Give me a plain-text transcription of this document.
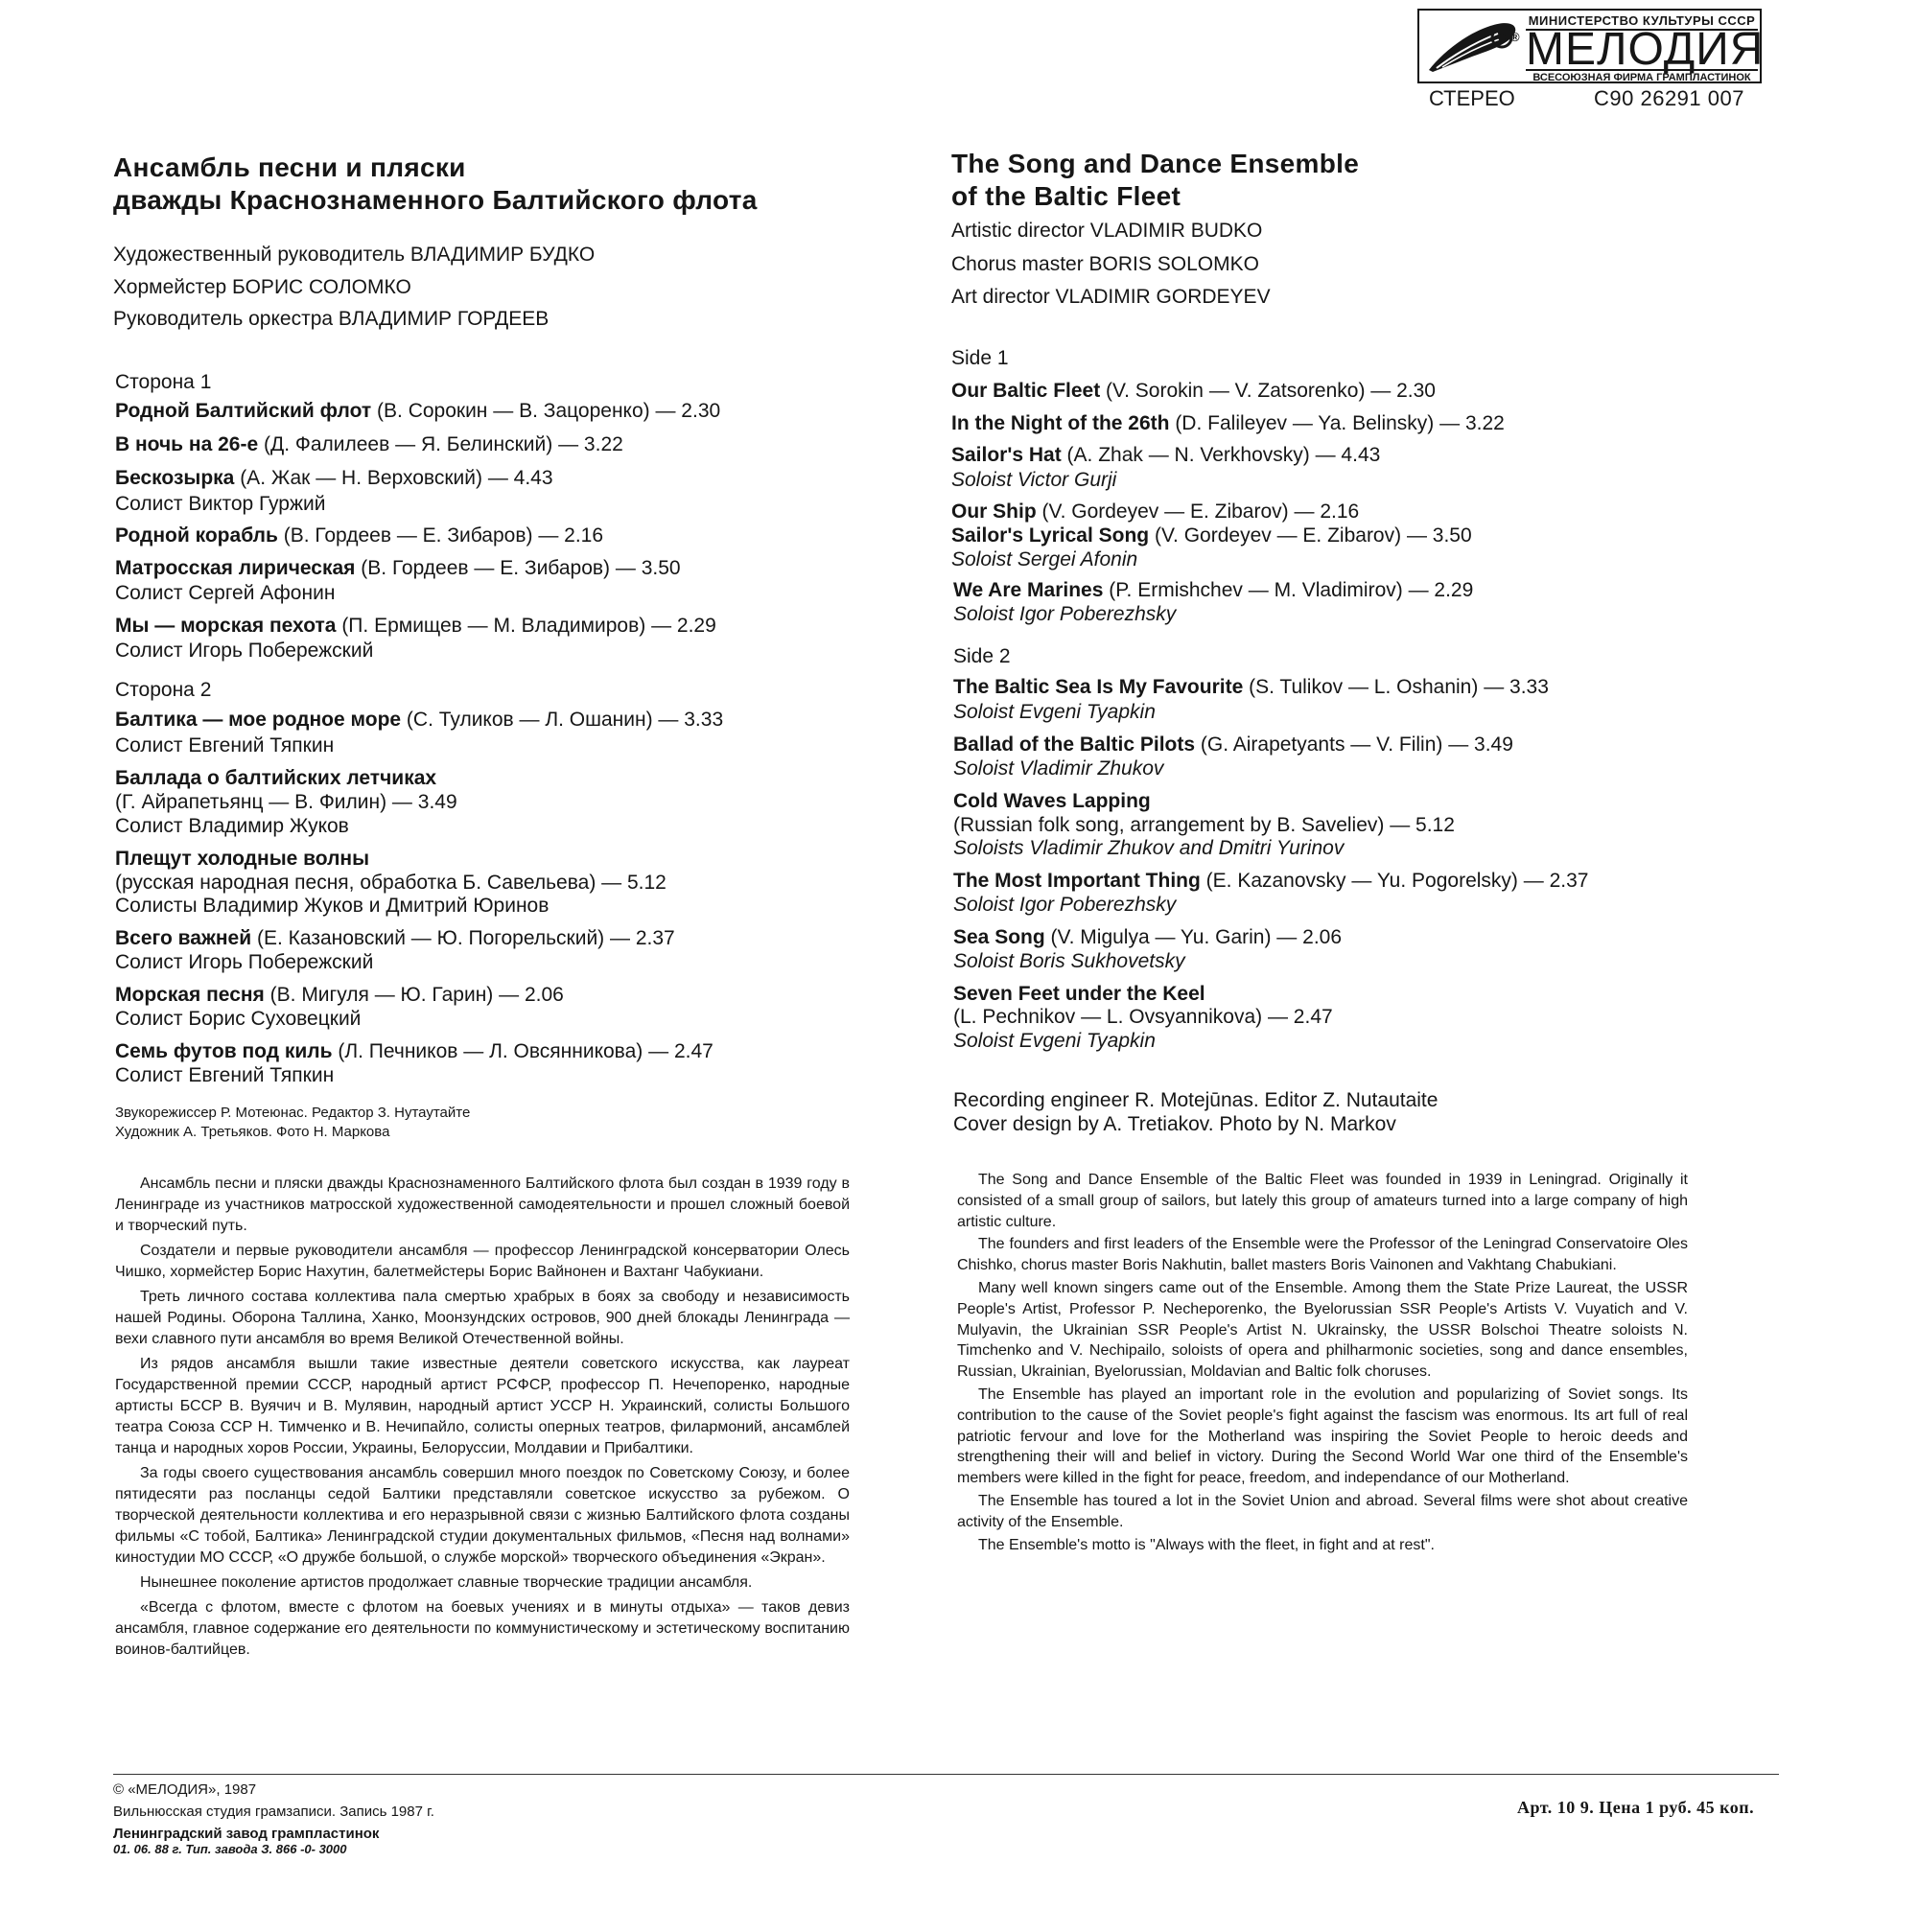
®
МИНИСТЕРСТВО КУЛЬТУРЫ СССР
МЕЛОДИЯ
ВСЕСОЮЗНАЯ ФИРМА ГРАМПЛАСТИНОК
СТЕРЕО	С90 26291 007
Ансамбль песни и пляски
дважды Краснознаменного Балтийского флота
Художественный руководитель ВЛАДИМИР БУДКО
Хормейстер БОРИС СОЛОМКО
Руководитель оркестра ВЛАДИМИР ГОРДЕЕВ
Сторона 1
Родной Балтийский флот (В. Сорокин — В. Зацоренко) — 2.30
В ночь на 26-е (Д. Фалилеев — Я. Белинский) — 3.22
Бескозырка (А. Жак — Н. Верховский) — 4.43
Солист Виктор Гуржий
Родной корабль (В. Гордеев — Е. Зибаров) — 2.16
Матросская лирическая (В. Гордеев — Е. Зибаров) — 3.50
Солист Сергей Афонин
Мы — морская пехота (П. Ермищев — М. Владимиров) — 2.29
Солист Игорь Побережский
Сторона 2
Балтика — мое родное море (С. Туликов — Л. Ошанин) — 3.33
Солист Евгений Тяпкин
Баллада о балтийских летчиках
(Г. Айрапетьянц — В. Филин) — 3.49
Солист Владимир Жуков
Плещут холодные волны
(русская народная песня, обработка Б. Савельева) — 5.12
Солисты Владимир Жуков и Дмитрий Юринов
Всего важней (Е. Казановский — Ю. Погорельский) — 2.37
Солист Игорь Побережский
Морская песня (В. Мигуля — Ю. Гарин) — 2.06
Солист Борис Суховецкий
Семь футов под киль (Л. Печников — Л. Овсянникова) — 2.47
Солист Евгений Тяпкин
Звукорежиссер Р. Мотеюнас. Редактор З. Нутаутайте
Художник А. Третьяков. Фото Н. Маркова

Ансамбль песни и пляски дважды Краснознаменного Балтийского флота был создан в 1939 году в Ленинграде из участников матросской художественной самодеятельности и прошел сложный боевой и творческий путь.

Создатели и первые руководители ансамбля — профессор Ленинградской консерватории Олесь Чишко, хормейстер Борис Нахутин, балетмейстеры Борис Вайнонен и Вахтанг Чабукиани.

Треть личного состава коллектива пала смертью храбрых в боях за свободу и независимость нашей Родины. Оборона Таллина, Ханко, Моонзундских островов, 900 дней блокады Ленинграда — вехи славного пути ансамбля во время Великой Отечественной войны.

Из рядов ансамбля вышли такие известные деятели советского искусства, как лауреат Государственной премии СССР, народный артист РСФСР, профессор П. Нечепоренко, народные артисты БССР В. Вуячич и В. Мулявин, народный артист УССР Н. Украинский, солисты Большого театра Союза ССР Н. Тимченко и В. Нечипайло, солисты оперных театров, филармоний, ансамблей танца и народных хоров России, Украины, Белоруссии, Молдавии и Прибалтики.

За годы своего существования ансамбль совершил много поездок по Советскому Союзу, и более пятидесяти раз посланцы седой Балтики представляли советское искусство за рубежом. О творческой деятельности коллектива и его неразрывной связи с жизнью Балтийского флота созданы фильмы «С тобой, Балтика» Ленинградской студии документальных фильмов, «Песня над волнами» киностудии МО СССР, «О дружбе большой, о службе морской» творческого объединения «Экран».

Нынешнее поколение артистов продолжает славные творческие традиции ансамбля.

«Всегда с флотом, вместе с флотом на боевых учениях и в минуты отдыха» — таков девиз ансамбля, главное содержание его деятельности по коммунистическому и эстетическому воспитанию воинов-балтийцев.

The Song and Dance Ensemble
of the Baltic Fleet
Artistic director VLADIMIR BUDKO
Chorus master BORIS SOLOMKO
Art director VLADIMIR GORDEYEV
Side 1
Our Baltic Fleet (V. Sorokin — V. Zatsorenko) — 2.30
In the Night of the 26th (D. Falileyev — Ya. Belinsky) — 3.22
Sailor's Hat (A. Zhak — N. Verkhovsky) — 4.43
Soloist Victor Gurji
Our Ship (V. Gordeyev — E. Zibarov) — 2.16
Sailor's Lyrical Song (V. Gordeyev — E. Zibarov) — 3.50
Soloist Sergei Afonin
We Are Marines (P. Ermishchev — M. Vladimirov) — 2.29
Soloist Igor Poberezhsky
Side 2
The Baltic Sea Is My Favourite (S. Tulikov — L. Oshanin) — 3.33
Soloist Evgeni Tyapkin
Ballad of the Baltic Pilots (G. Airapetyants — V. Filin) — 3.49
Soloist Vladimir Zhukov
Cold Waves Lapping
(Russian folk song, arrangement by B. Saveliev) — 5.12
Soloists Vladimir Zhukov and Dmitri Yurinov
The Most Important Thing (E. Kazanovsky — Yu. Pogorelsky) — 2.37
Soloist Igor Poberezhsky
Sea Song (V. Migulya — Yu. Garin) — 2.06
Soloist Boris Sukhovetsky
Seven Feet under the Keel
(L. Pechnikov — L. Ovsyannikova) — 2.47
Soloist Evgeni Tyapkin
Recording engineer R. Motejūnas. Editor Z. Nutautaite
Cover design by A. Tretiakov. Photo by N. Markov

The Song and Dance Ensemble of the Baltic Fleet was founded in 1939 in Leningrad. Originally it consisted of a small group of sailors, but lately this group of amateurs turned into a large company of high artistic culture.

The founders and first leaders of the Ensemble were the Professor of the Leningrad Conservatoire Oles Chishko, chorus master Boris Nakhutin, ballet masters Boris Vainonen and Vakhtang Chabukiani.

Many well known singers came out of the Ensemble. Among them the State Prize Laureat, the USSR People's Artist, Professor P. Necheporenko, the Byelorussian SSR People's Artists V. Vuyatich and V. Mulyavin, the Ukrainian SSR People's Artist N. Ukrainsky, the USSR Bolschoi Theatre soloists N. Timchenko and V. Nechipailo, soloists of opera and philharmonic societies, song and dance ensembles, Russian, Ukrainian, Byelorussian, Moldavian and Baltic folk choruses.

The Ensemble has played an important role in the evolution and popularizing of Soviet songs. Its contribution to the cause of the Soviet people's fight against the fascism was enormous. Its art full of real patriotic fervour and love for the Motherland was inspiring the Soviet People to heroic deeds and strengthening their will and belief in victory. During the Second World War one third of the Ensemble's members were killed in the fight for peace, freedom, and independance of our Motherland.

The Ensemble has toured a lot in the Soviet Union and abroad. Several films were shot about creative activity of the Ensemble.

The Ensemble's motto is "Always with the fleet, in fight and at rest".

© «МЕЛОДИЯ», 1987
Вильнюсская студия грамзаписи. Запись 1987 г.
Ленинградский завод грампластинок
01. 06. 88 г. Тип. завода З. 866 -0- 3000
Арт. 10 9. Цена 1 руб. 45 коп.
